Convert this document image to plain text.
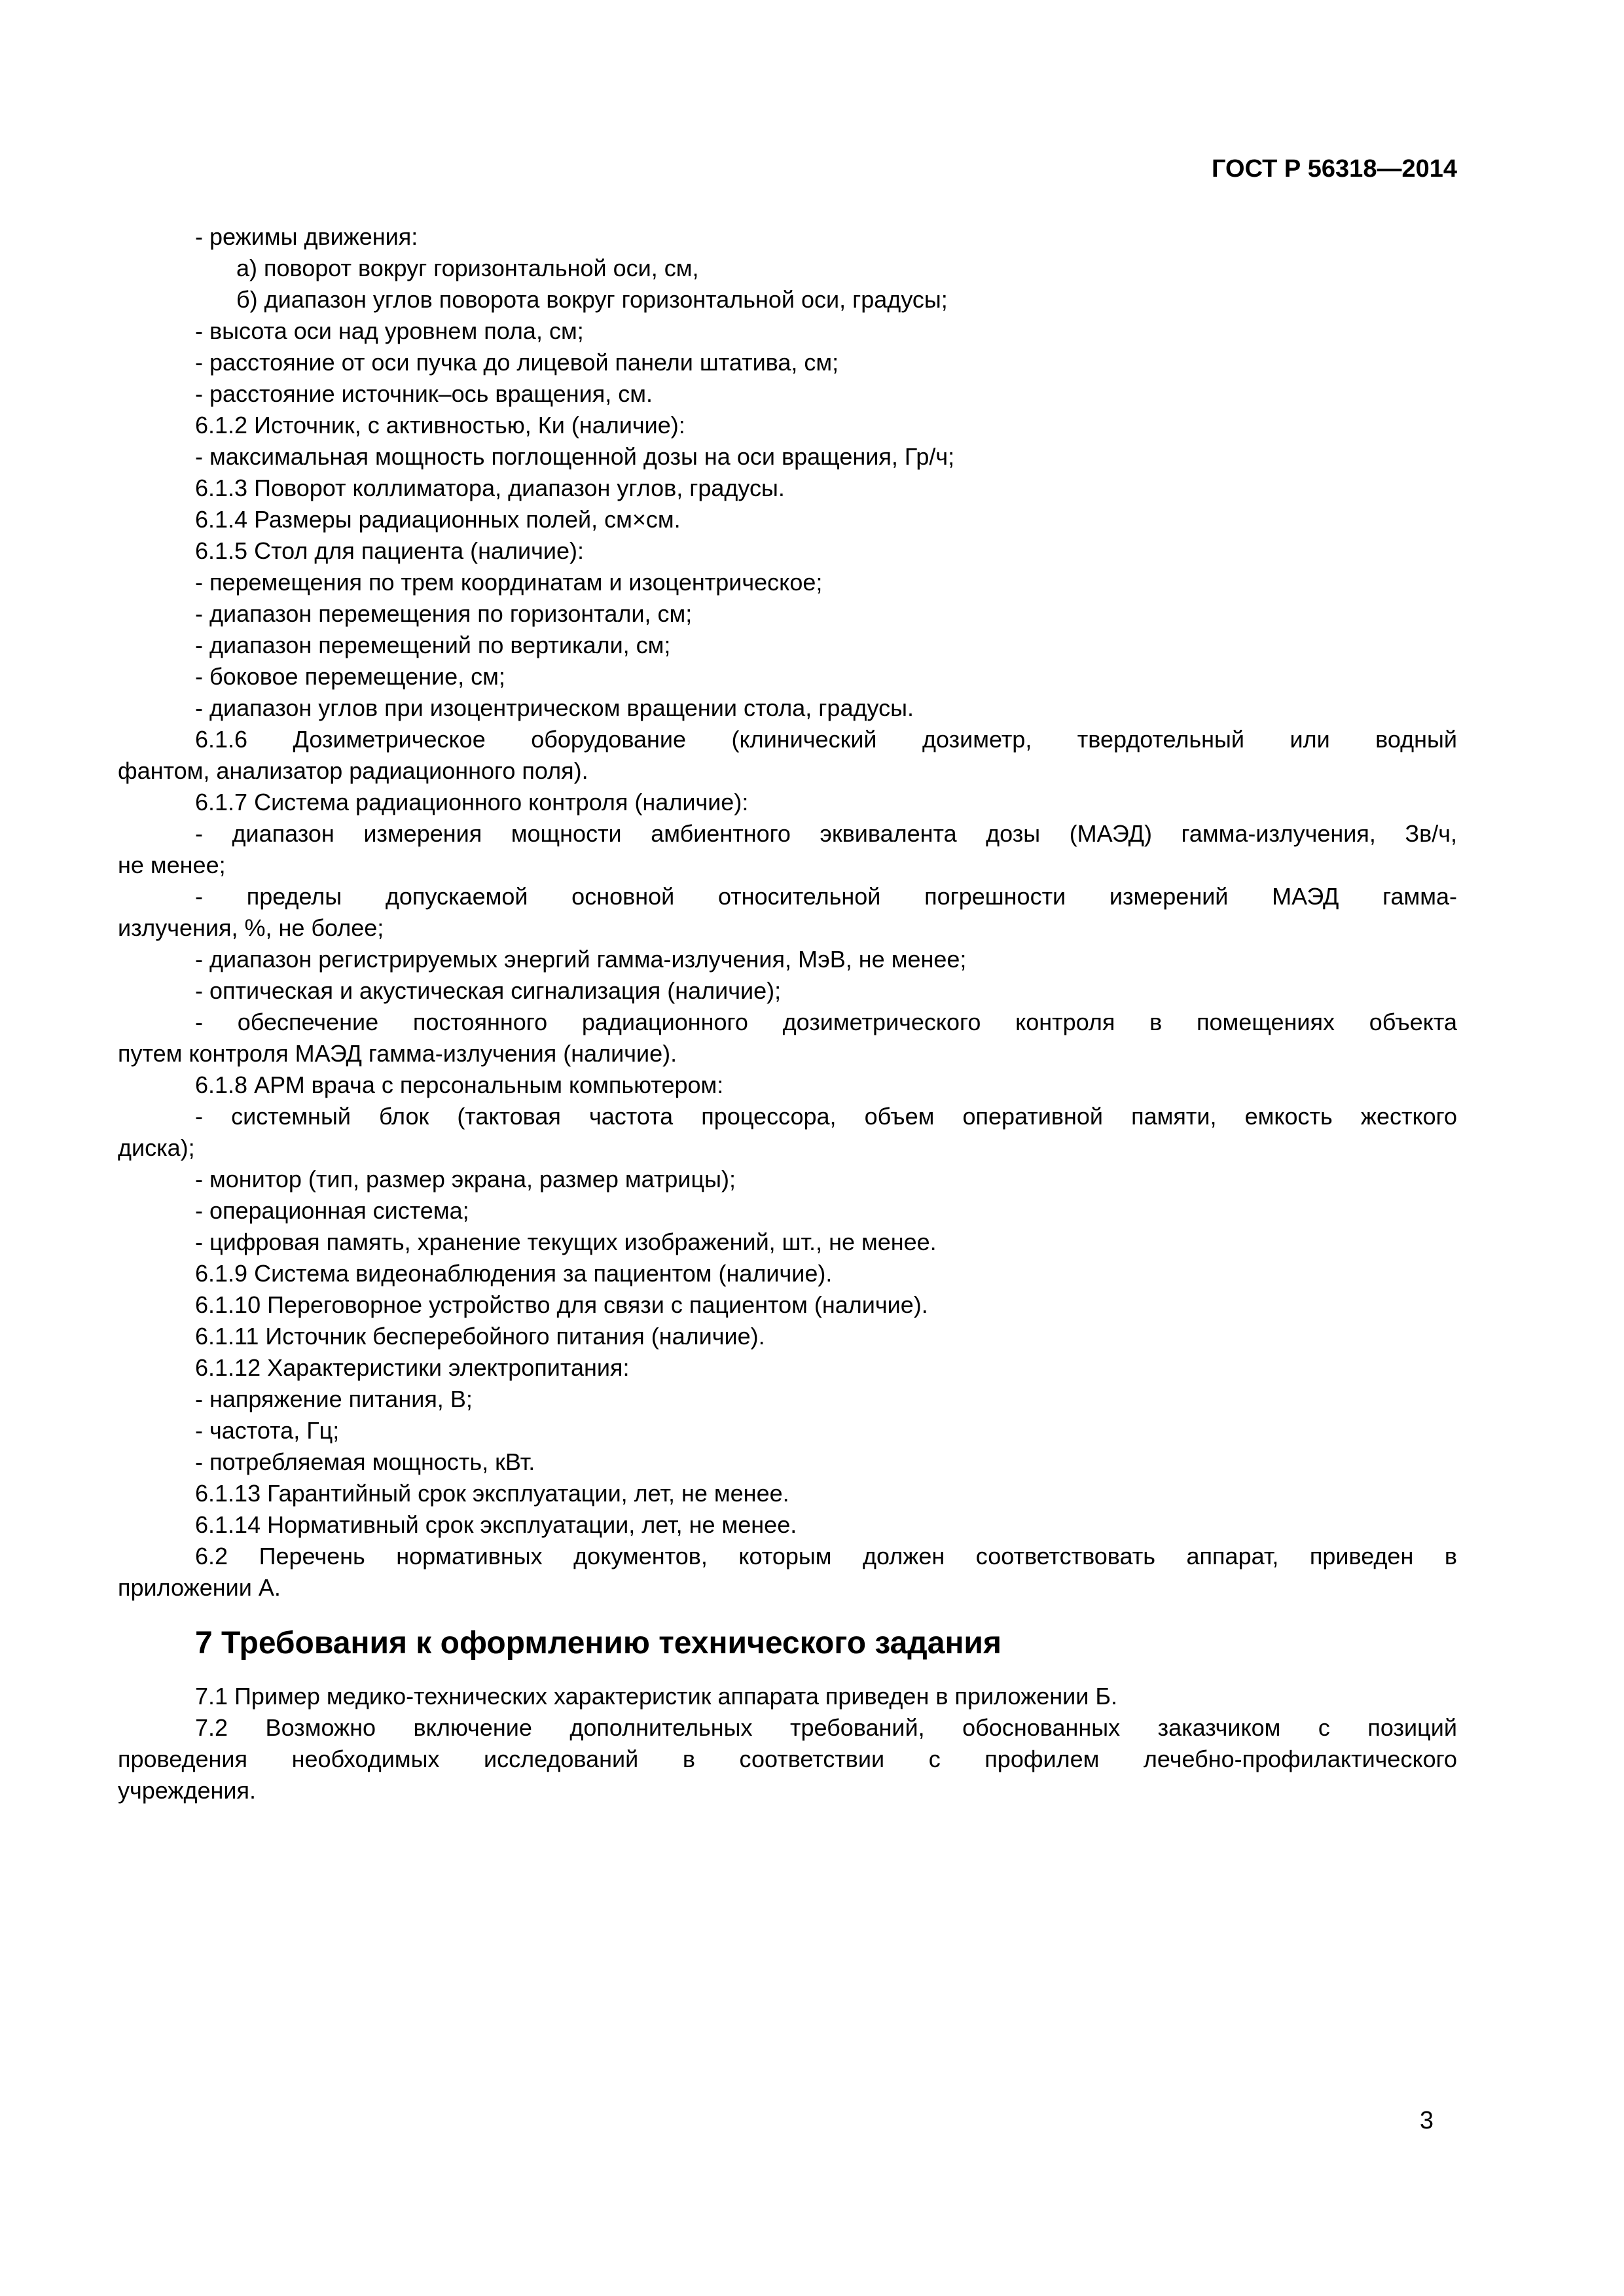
ГОСТ Р 56318—2014
- режимы движения:
а) поворот вокруг горизонтальной оси, см,
б) диапазон углов поворота вокруг горизонтальной оси, градусы;
- высота оси над уровнем пола, см;
- расстояние от оси пучка до лицевой панели штатива, см;
- расстояние источник–ось вращения, см.
6.1.2 Источник, с активностью, Ки (наличие):
- максимальная мощность поглощенной дозы на оси вращения, Гр/ч;
6.1.3 Поворот коллиматора, диапазон углов, градусы.
6.1.4 Размеры радиационных полей, см×см.
6.1.5 Стол для пациента (наличие):
- перемещения по трем координатам и изоцентрическое;
- диапазон перемещения по горизонтали, см;
- диапазон перемещений по вертикали, см;
- боковое перемещение, см;
- диапазон углов при изоцентрическом вращении стола, градусы.
6.1.6 Дозиметрическое оборудование (клинический дозиметр, твердотельный или водный
фантом, анализатор радиационного поля).
6.1.7 Система радиационного контроля (наличие):
- диапазон измерения мощности амбиентного эквивалента дозы (МАЭД) гамма-излучения, Зв/ч,
не менее;
- пределы допускаемой основной относительной погрешности измерений МАЭД гамма-
излучения, %, не более;
- диапазон регистрируемых энергий гамма-излучения, МэВ, не менее;
- оптическая и акустическая сигнализация (наличие);
- обеспечение постоянного радиационного дозиметрического контроля в помещениях объекта
путем контроля МАЭД гамма-излучения (наличие).
6.1.8 АРМ врача с персональным компьютером:
- системный блок (тактовая частота процессора, объем оперативной памяти, емкость жесткого
диска);
- монитор (тип, размер экрана, размер матрицы);
- операционная система;
- цифровая память, хранение текущих изображений, шт., не менее.
6.1.9 Система видеонаблюдения за пациентом (наличие).
6.1.10 Переговорное устройство для связи с пациентом (наличие).
6.1.11 Источник бесперебойного питания (наличие).
6.1.12 Характеристики электропитания:
- напряжение питания, В;
- частота, Гц;
- потребляемая мощность, кВт.
6.1.13 Гарантийный срок эксплуатации, лет, не менее.
6.1.14 Нормативный срок эксплуатации, лет, не менее.
6.2 Перечень нормативных документов, которым должен соответствовать аппарат, приведен в
приложении А.
7 Требования к оформлению технического задания
7.1 Пример медико-технических характеристик аппарата приведен в приложении Б.
7.2 Возможно включение дополнительных требований, обоснованных заказчиком с позиций
проведения необходимых исследований в соответствии с профилем лечебно-профилактического
учреждения.
3
